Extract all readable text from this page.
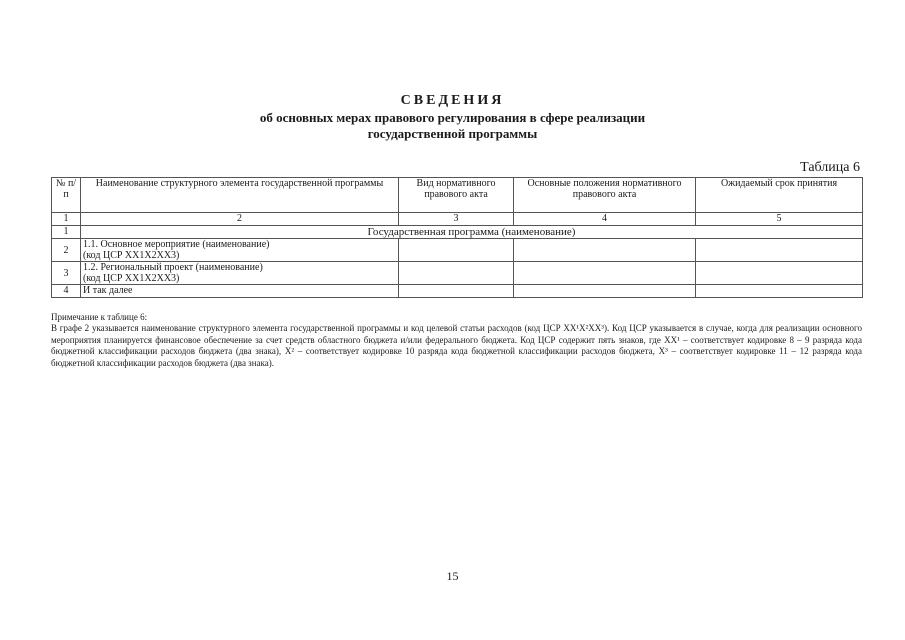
СВЕДЕНИЯ
об основных мерах правового регулирования в сфере реализации
государственной программы
Таблица 6
№ п/п	Наименование структурного элемента государственной программы	Вид нормативного правового акта	Основные положения нормативного правового акта	Ожидаемый срок принятия
1	2	3	4	5
1	Государственная программа (наименование)			
2	1.1. Основное мероприятие (наименование)
(код ЦСР XX1X2XX3)			

3	1.2. Региональный проект (наименование)
(код ЦСР XX1X2XX3)			

4	И так далее			
Примечание к таблице 6:
В графе 2 указывается наименование структурного элемента государственной программы и код целевой статьи расходов (код ЦСР XX¹X²XX³). Код ЦСР указывается в случае, когда для реализации основного мероприятия планируется финансовое обеспечение за счет средств областного бюджета и/или федерального бюджета. Код ЦСР содержит пять знаков, где XX¹ – соответствует кодировке 8 – 9 разряда кода бюджетной классификации расходов бюджета (два знака), X² – соответствует кодировке 10 разряда кода бюджетной классификации расходов бюджета, X³ – соответствует кодировке 11 – 12 разряда кода бюджетной классификации расходов бюджета (два знака).
15
